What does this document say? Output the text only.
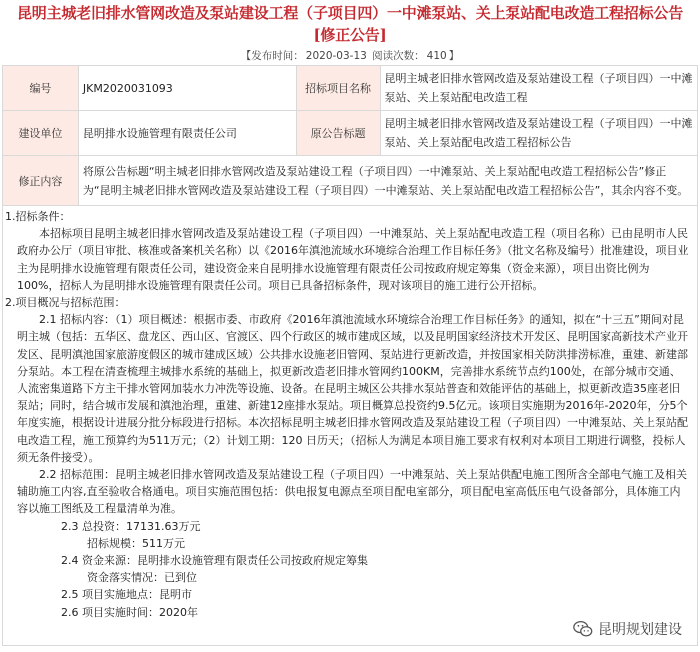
昆明主城老旧排水管网改造及泵站建设工程（子项目四）一中滩泵站、关上泵站配电改造工程招标公告[修正公告]
【发布时间： 2020-03-13 阅读次数： 410 】
编号	JKM2020031093	招标项目名称	昆明主城老旧排水管网改造及泵站建设工程（子项目四）一中滩泵站、关上泵站配电改造工程
建设单位	昆明排水设施管理有限责任公司	原公告标题	昆明主城老旧排水管网改造及泵站建设工程（子项目四）一中滩泵站、关上泵站配电改造工程招标公告
修正内容	将原公告标题“明主城老旧排水管网改造及泵站建设工程（子项目四）一中滩泵站、关上泵站配电改造工程招标公告”修正为“昆明主城老旧排水管网改造及泵站建设工程（子项目四）一中滩泵站、关上泵站配电改造工程招标公告”，其余内容不变。		

1.招标条件：

本招标项目昆明主城老旧排水管网改造及泵站建设工程（子项目四）一中滩泵站、关上泵站配电改造工程（项目名称）已由昆明市人民政府办公厅（项目审批、核准或备案机关名称）以《2016年滇池流域水环境综合治理工作目标任务》（批文名称及编号）批准建设，项目业主为昆明排水设施管理有限责任公司，建设资金来自昆明排水设施管理有限责任公司按政府规定筹集（资金来源），项目出资比例为100%，招标人为昆明排水设施管理有限责任公司。项目已具备招标条件，现对该项目的施工进行公开招标。

2.项目概况与招标范围：

2.1 招标内容：（1）项目概述：根据市委、市政府《2016年滇池流域水环境综合治理工作目标任务》的通知，拟在“十三五”期间对昆明主城（包括：五华区、盘龙区、西山区、官渡区、四个行政区的城市建成区域，以及昆明国家经济技术开发区、昆明国家高新技术产业开发区、昆明滇池国家旅游度假区的城市建成区域）公共排水设施老旧管网、泵站进行更新改造，并按国家相关防洪排涝标准，重建、新建部分泵站。本工程在清查梳理主城排水系统的基础上，拟更新改造老旧排水管网约100KM，完善排水系统节点约100处，在部分城市交通、人流密集道路下方主干排水管网加装水力冲洗等设施、设备。在昆明主城区公共排水泵站普查和效能评估的基础上，拟更新改造35座老旧泵站；同时，结合城市发展和滇池治理，重建、新建12座排水泵站。项目概算总投资约9.5亿元。该项目实施期为2016年-2020年，分5个年度实施，根据设计进展分批分标段进行招标。本次招标昆明主城老旧排水管网改造及泵站建设工程（子项目四）一中滩泵站、关上泵站配电改造工程，施工预算约为511万元；（2）计划工期：120 日历天；（招标人为满足本项目施工要求有权利对本项目工期进行调整，投标人须无条件接受）。

2.2 招标范围：昆明主城老旧排水管网改造及泵站建设工程（子项目四）一中滩泵站、关上泵站供配电施工图所含全部电气施工及相关辅助施工内容,直至验收合格通电。项目实施范围包括：供电报复电源点至项目配电室部分，项目配电室高低压电气设备部分，具体施工内容以施工图纸及工程量清单为准。

2.3 总投资：17131.63万元

招标规模：511万元

2.4 资金来源：昆明排水设施管理有限责任公司按政府规定筹集

资金落实情况：已到位

2.5 项目实施地点：昆明市

2.6 项目实施时间：2020年

昆明规划建设
